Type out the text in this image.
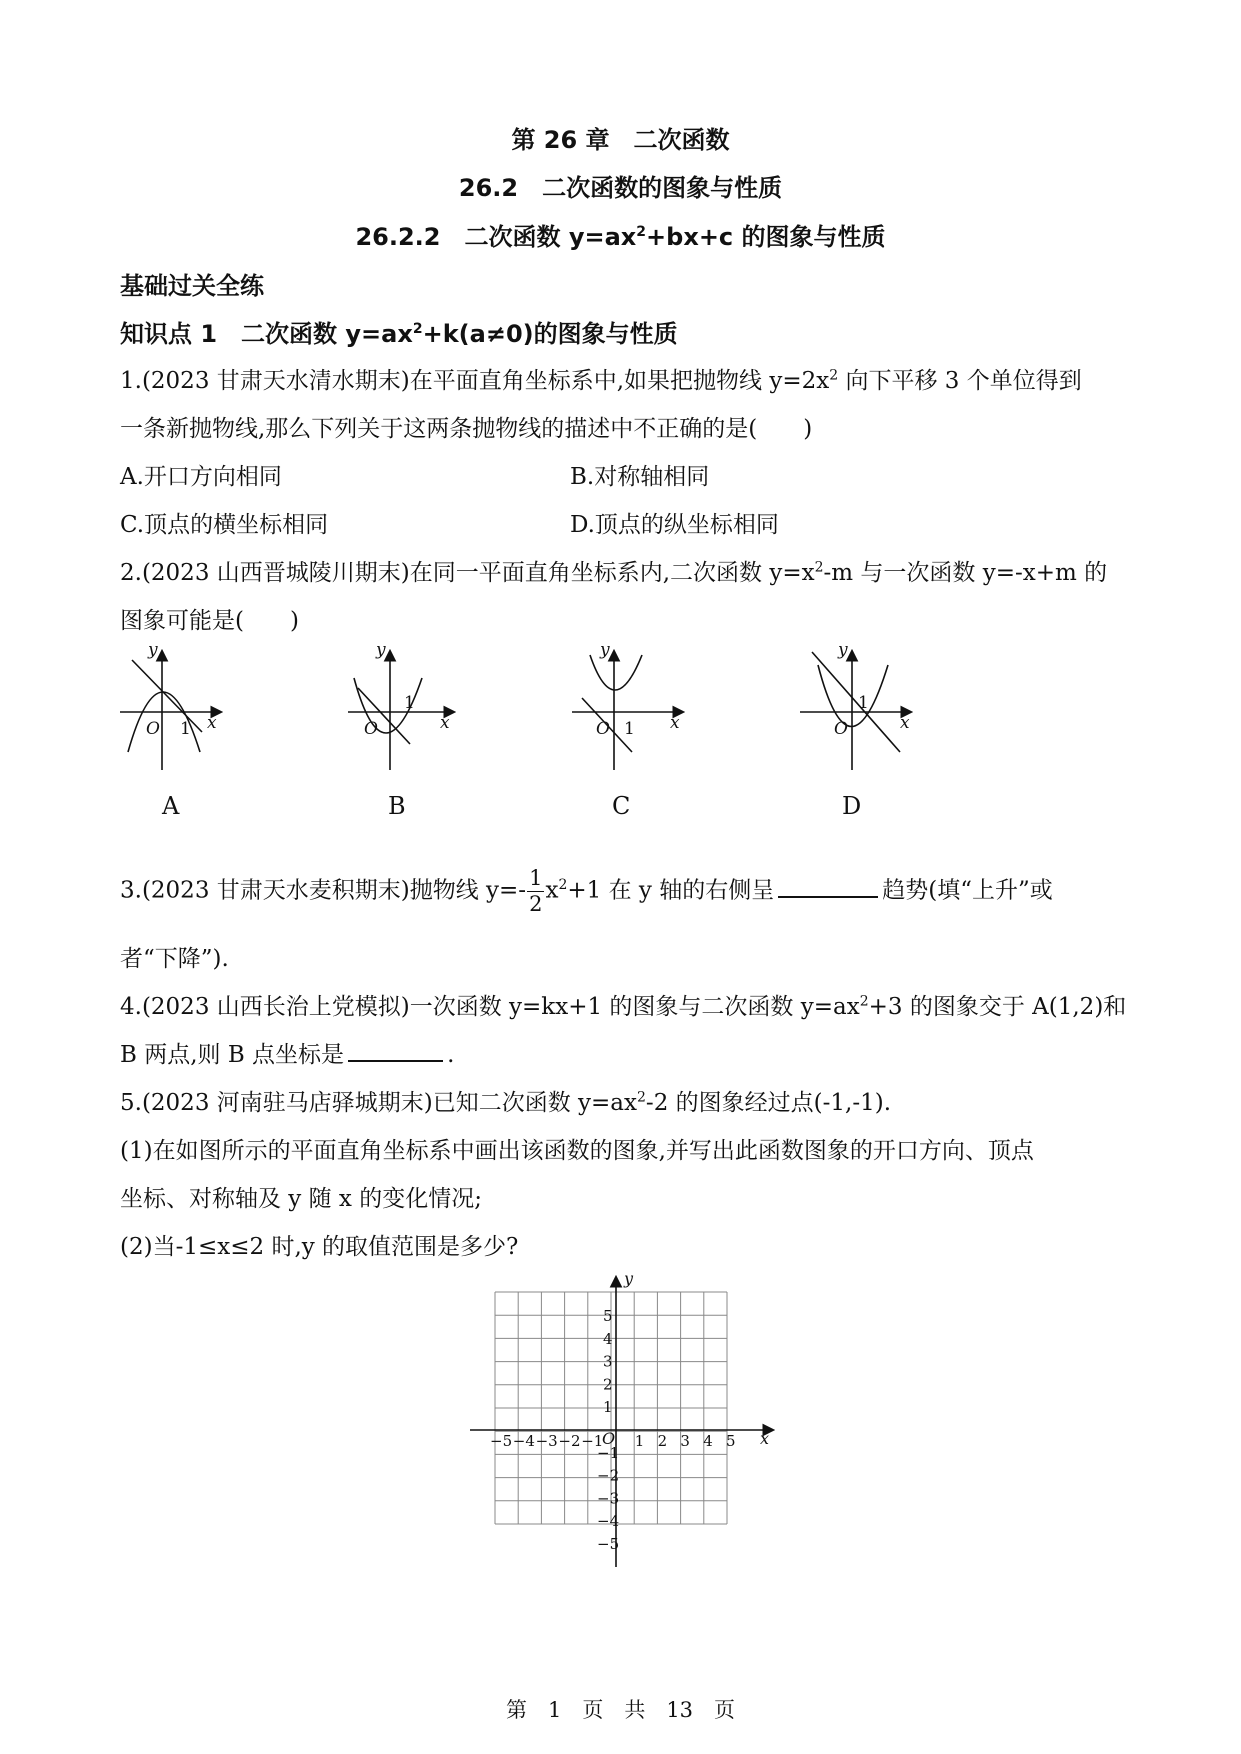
第 26 章　二次函数
26.2　二次函数的图象与性质
26.2.2　二次函数 $y=ax^2+bx+c$ 的图象与性质
基础过关全练
知识点 1　二次函数 $y=ax^2+k(a\ne 0)$的图象与性质
1.(2023 甘肃天水清水期末)在平面直角坐标系中,如果把抛物线 $y=2x^2$ 向下平移 3 个单位得到
一条新抛物线,那么下列关于这两条抛物线的描述中不正确的是(　　)
A.开口方向相同	B.对称轴相同
C.顶点的横坐标相同	D.顶点的纵坐标相同
2.(2023 山西晋城陵川期末)在同一平面直角坐标系内,二次函数 $y=x^2-m$ 与一次函数 y=-x+m 的
图象可能是(　　)
y
x
O 1
y
x
O
1
y
x
O 1
y
x
O
1
A	B	C	D
3.(2023 甘肃天水麦积期末)抛物线 $y=- \frac{1}{2} x^2+1$ 在 y 轴的右侧呈	趋势(填“上升”或
者“下降”).
4.(2023 山西长治上党模拟)一次函数 y=kx+1 的图象与二次函数 $y=ax^2+3$ 的图象交于 A(1,2)和
B 两点,则 B 点坐标是	.
5.(2023 河南驻马店驿城期末)已知二次函数 $y=ax^2-2$ 的图象经过点(-1,-1).
(1)在如图所示的平面直角坐标系中画出该函数的图象,并写出此函数图象的开口方向、顶点
坐标、对称轴及 y 随 x 的变化情况;
(2)当-1≤x≤2 时,y 的取值范围是多少?
x
y
O
−5 −4 −3 −2 −1 1 2 3 4 5
5
4
3
2
1
−1
−2
−3
−4
−5
第　1　页　共　13　页
